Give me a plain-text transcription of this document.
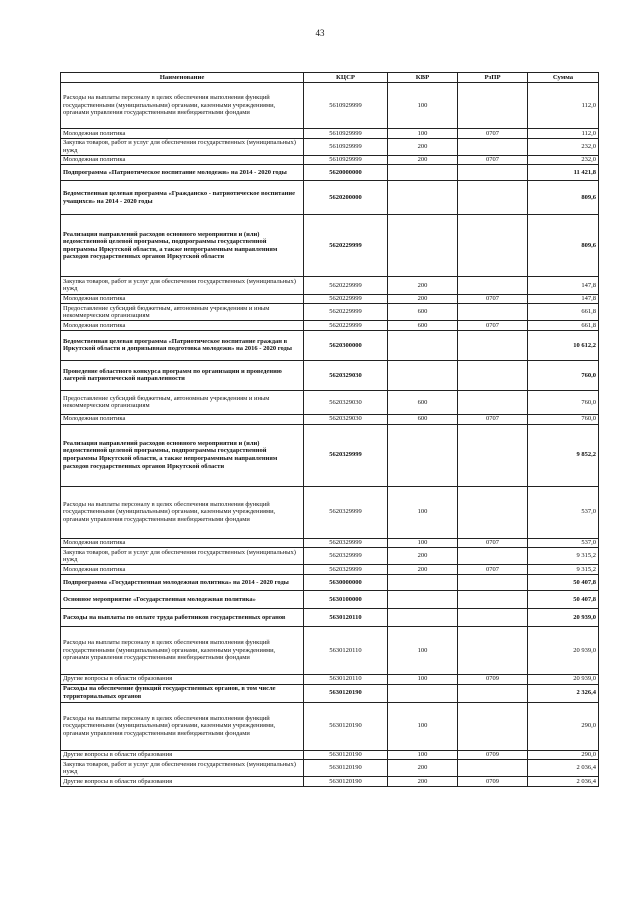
43
Наименование	КЦСР	КВР	РзПР	Сумма
Расходы на выплаты персоналу в целях обеспечения выполнения функций государственными (муниципальными) органами, казенными учреждениями, органами управления государственными внебюджетными фондами	5610929999	100		112,0
Молодежная политика	5610929999	100	0707	112,0
Закупка товаров, работ и услуг для обеспечения государственных (муниципальных) нужд	5610929999	200		232,0
Молодежная политика	5610929999	200	0707	232,0
Подпрограмма «Патриотическое воспитание молодежи» на 2014 - 2020 годы	5620000000			11 421,8
Ведомственная целевая программа «Гражданско - патриотическое воспитание учащихся» на 2014 - 2020 годы	5620200000			809,6
Реализация направлений расходов основного мероприятия и (или) ведомственной целевой программы, подпрограммы государственной программы Иркутской области, а также непрограммным направлениям расходов государственных органов Иркутской области	5620229999			809,6
Закупка товаров, работ и услуг для обеспечения государственных (муниципальных) нужд	5620229999	200		147,8
Молодежная политика	5620229999	200	0707	147,8
Предоставление субсидий бюджетным, автономным учреждениям и иным некоммерческим организациям	5620229999	600		661,8
Молодежная политика	5620229999	600	0707	661,8
Ведомственная целевая программа «Патриотическое воспитание граждан в Иркутской области и допризывная подготовка молодежи» на 2016 - 2020 годы	5620300000			10 612,2
Проведение областного конкурса программ по организации и проведению лагерей патриотической направленности	5620329030			760,0
Предоставление субсидий бюджетным, автономным учреждениям и иным некоммерческим организациям	5620329030	600		760,0
Молодежная политика	5620329030	600	0707	760,0
Реализация направлений расходов основного мероприятия и (или) ведомственной целевой программы, подпрограммы государственной программы Иркутской области, а также непрограммным направлениям расходов государственных органов Иркутской области	5620329999			9 852,2
Расходы на выплаты персоналу в целях обеспечения выполнения функций государственными (муниципальными) органами, казенными учреждениями, органами управления государственными внебюджетными фондами	5620329999	100		537,0
Молодежная политика	5620329999	100	0707	537,0
Закупка товаров, работ и услуг для обеспечения государственных (муниципальных) нужд	5620329999	200		9 315,2
Молодежная политика	5620329999	200	0707	9 315,2
Подпрограмма «Государственная молодежная политика» на 2014 - 2020 годы	5630000000			50 407,8
Основное мероприятие «Государственная молодежная политика»	5630100000			50 407,8
Расходы на выплаты по оплате труда работников государственных органов	5630120110			20 939,0
Расходы на выплаты персоналу в целях обеспечения выполнения функций государственными (муниципальными) органами, казенными учреждениями, органами управления государственными внебюджетными фондами	5630120110	100		20 939,0
Другие вопросы в области образования	5630120110	100	0709	20 939,0
Расходы на обеспечение функций государственных органов, в том числе территориальных органов	5630120190			2 326,4
Расходы на выплаты персоналу в целях обеспечения выполнения функций государственными (муниципальными) органами, казенными учреждениями, органами управления государственными внебюджетными фондами	5630120190	100		290,0
Другие вопросы в области образования	5630120190	100	0709	290,0
Закупка товаров, работ и услуг для обеспечения государственных (муниципальных) нужд	5630120190	200		2 036,4
Другие вопросы в области образования	5630120190	200	0709	2 036,4
